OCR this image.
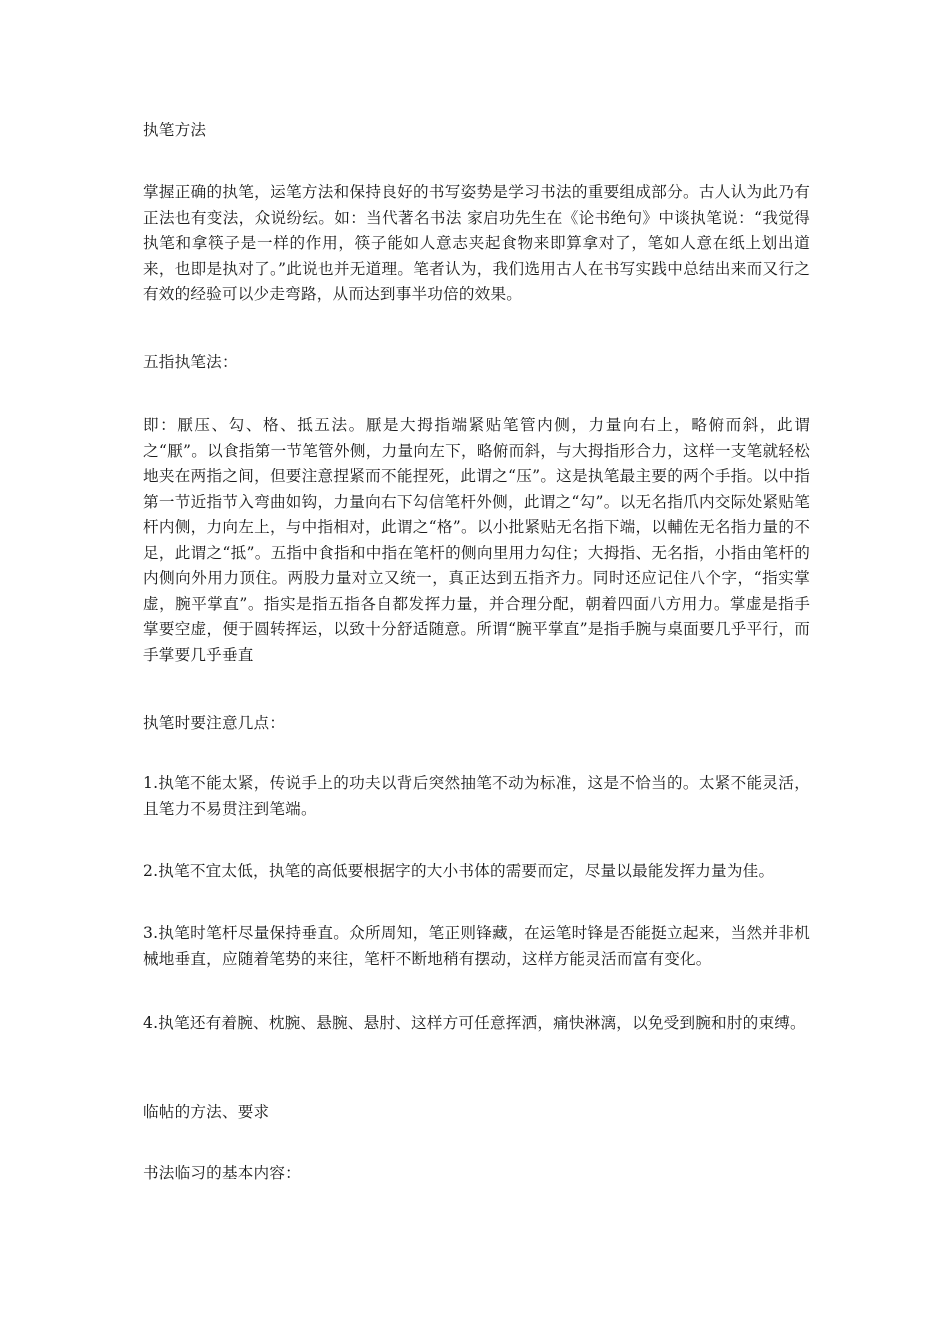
执笔方法

掌握正确的执笔，运笔方法和保持良好的书写姿势是学习书法的重要组成部分。古人认为此乃有正法也有变法，众说纷纭。如：当代著名书法 家启功先生在《论书绝句》中谈执笔说：“我觉得执笔和拿筷子是一样的作用，筷子能如人意志夹起食物来即算拿对了，笔如人意在纸上划出道来，也即是执对了。”此说也并无道理。笔者认为，我们选用古人在书写实践中总结出来而又行之有效的经验可以少走弯路，从而达到事半功倍的效果。

五指执笔法：

即：厭压、勾、格、抵五法。厭是大拇指端紧贴笔管内侧，力量向右上，略俯而斜，此谓之“厭”。以食指第一节笔管外侧，力量向左下，略俯而斜，与大拇指形合力，这样一支笔就轻松地夹在两指之间，但要注意捏紧而不能捏死，此谓之“压”。这是执笔最主要的两个手指。以中指第一节近指节入弯曲如钩，力量向右下勾信笔杆外侧，此谓之“勾”。以无名指爪内交际处紧贴笔杆内侧，力向左上，与中指相对，此谓之“格”。以小批紧贴无名指下端，以輔佐无名指力量的不足，此谓之“抵”。五指中食指和中指在笔杆的侧向里用力勾住；大拇指、无名指，小指由笔杆的内侧向外用力顶住。两股力量对立又统一，真正达到五指齐力。同时还应记住八个字，“指实掌虚，腕平掌直”。指实是指五指各自都发挥力量，并合理分配，朝着四面八方用力。掌虚是指手掌要空虚，便于圆转挥运，以致十分舒适随意。所谓“腕平掌直”是指手腕与桌面要几乎平行，而手掌要几乎垂直

执笔时要注意几点：

1.执笔不能太紧，传说手上的功夫以背后突然抽笔不动为标准，这是不恰当的。太紧不能灵活，且笔力不易贯注到笔端。

2.执笔不宜太低，执笔的高低要根据字的大小书体的需要而定，尽量以最能发挥力量为佳。

3.执笔时笔杆尽量保持垂直。众所周知，笔正则锋藏，在运笔时锋是否能挺立起来，当然并非机械地垂直，应随着笔势的来往，笔杆不断地稍有摆动，这样方能灵活而富有变化。

4.执笔还有着腕、枕腕、悬腕、悬肘、这样方可任意挥洒，痛快淋漓，以免受到腕和肘的束缚。

临帖的方法、要求

书法临习的基本内容：
